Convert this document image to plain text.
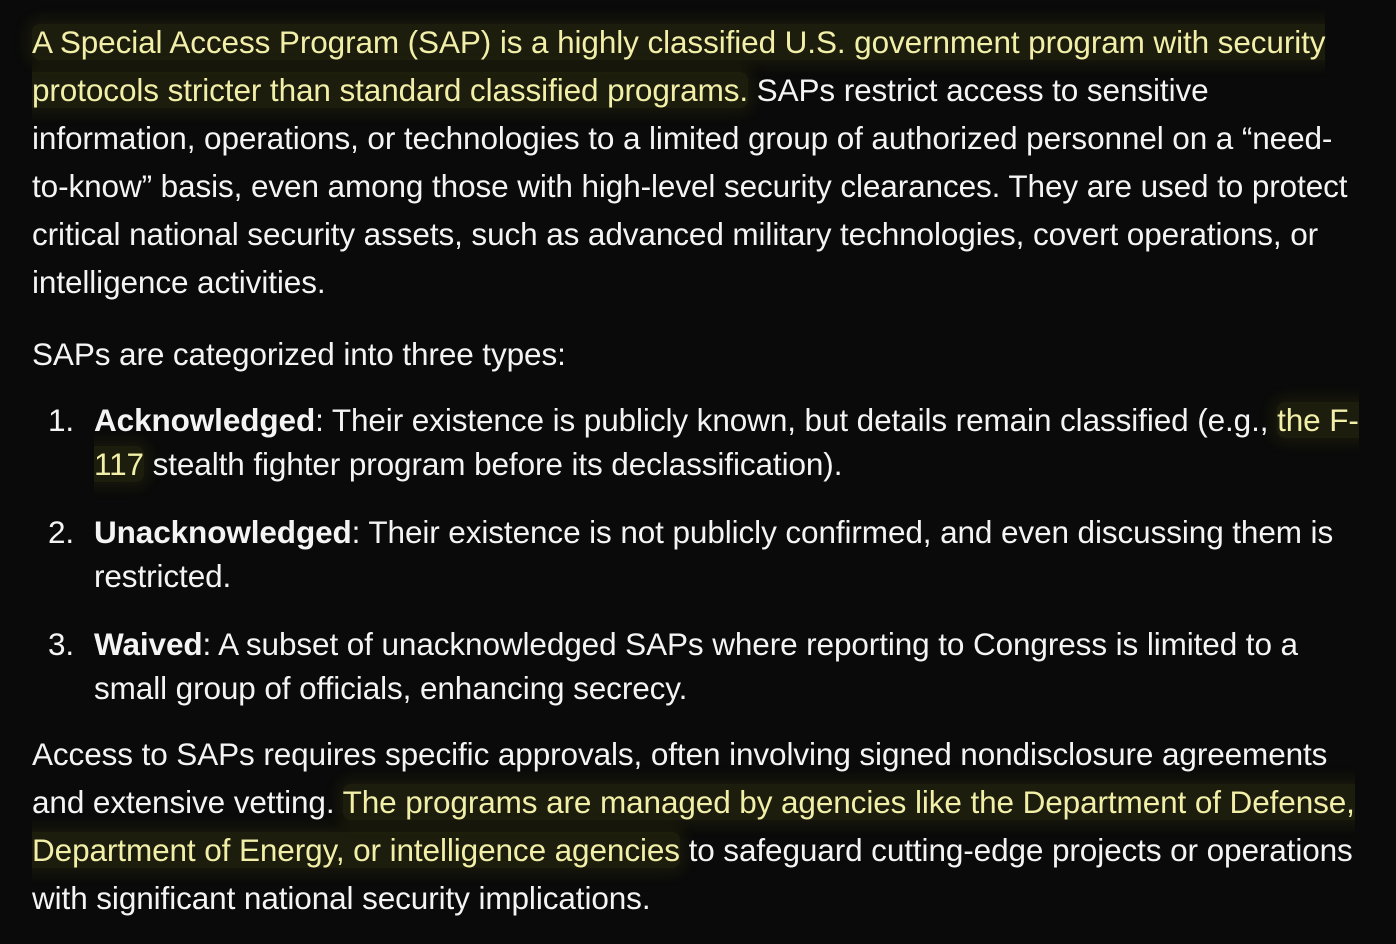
A Special Access Program (SAP) is a highly classified U.S. government program with security protocols stricter than standard classified programs. SAPs restrict access to sensitive information, operations, or technologies to a limited group of authorized personnel on a “need-to-know” basis, even among those with high-level security clearances. They are used to protect critical national security assets, such as advanced military technologies, covert operations, or intelligence activities.

SAPs are categorized into three types:

1. Acknowledged: Their existence is publicly known, but details remain classified (e.g., the F-117 stealth fighter program before its declassification).
2. Unacknowledged: Their existence is not publicly confirmed, and even discussing them is restricted.
3. Waived: A subset of unacknowledged SAPs where reporting to Congress is limited to a small group of officials, enhancing secrecy.

Access to SAPs requires specific approvals, often involving signed nondisclosure agreements and extensive vetting. The programs are managed by agencies like the Department of Defense, Department of Energy, or intelligence agencies to safeguard cutting-edge projects or operations with significant national security implications.
